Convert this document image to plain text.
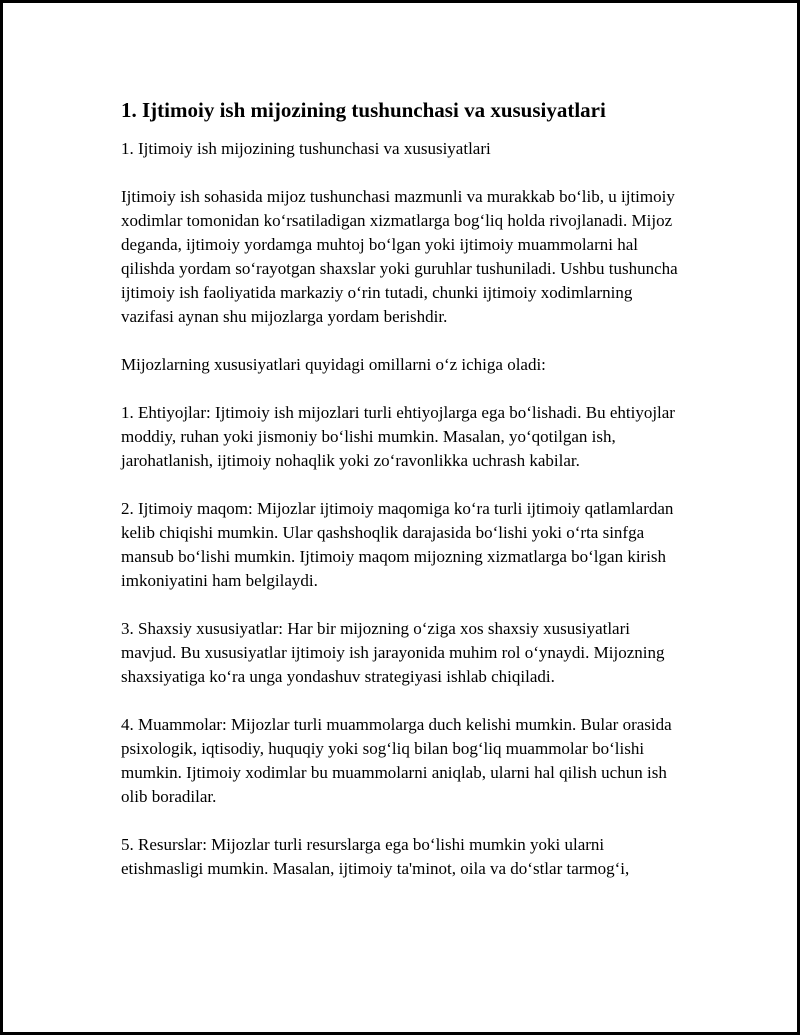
1. Ijtimoiy ish mijozining tushunchasi va xususiyatlari

1. Ijtimoiy ish mijozining tushunchasi va xususiyatlari

Ijtimoiy ish sohasida mijoz tushunchasi mazmunli va murakkab bo‘lib, u ijtimoiy xodimlar tomonidan ko‘rsatiladigan xizmatlarga bog‘liq holda rivojlanadi. Mijoz deganda, ijtimoiy yordamga muhtoj bo‘lgan yoki ijtimoiy muammolarni hal qilishda yordam so‘rayotgan shaxslar yoki guruhlar tushuniladi. Ushbu tushuncha ijtimoiy ish faoliyatida markaziy o‘rin tutadi, chunki ijtimoiy xodimlarning vazifasi aynan shu mijozlarga yordam berishdir.

Mijozlarning xususiyatlari quyidagi omillarni o‘z ichiga oladi:

1. Ehtiyojlar: Ijtimoiy ish mijozlari turli ehtiyojlarga ega bo‘lishadi. Bu ehtiyojlar moddiy, ruhan yoki jismoniy bo‘lishi mumkin. Masalan, yo‘qotilgan ish, jarohatlanish, ijtimoiy nohaqlik yoki zo‘ravonlikka uchrash kabilar.

2. Ijtimoiy maqom: Mijozlar ijtimoiy maqomiga ko‘ra turli ijtimoiy qatlamlardan kelib chiqishi mumkin. Ular qashshoqlik darajasida bo‘lishi yoki o‘rta sinfga mansub bo‘lishi mumkin. Ijtimoiy maqom mijozning xizmatlarga bo‘lgan kirish imkoniyatini ham belgilaydi.

3. Shaxsiy xususiyatlar: Har bir mijozning o‘ziga xos shaxsiy xususiyatlari mavjud. Bu xususiyatlar ijtimoiy ish jarayonida muhim rol o‘ynaydi. Mijozning shaxsiyatiga ko‘ra unga yondashuv strategiyasi ishlab chiqiladi.

4. Muammolar: Mijozlar turli muammolarga duch kelishi mumkin. Bular orasida psixologik, iqtisodiy, huquqiy yoki sog‘liq bilan bog‘liq muammolar bo‘lishi mumkin. Ijtimoiy xodimlar bu muammolarni aniqlab, ularni hal qilish uchun ish olib boradilar.

5. Resurslar: Mijozlar turli resurslarga ega bo‘lishi mumkin yoki ularni etishmasligi mumkin. Masalan, ijtimoiy ta'minot, oila va do‘stlar tarmog‘i,
